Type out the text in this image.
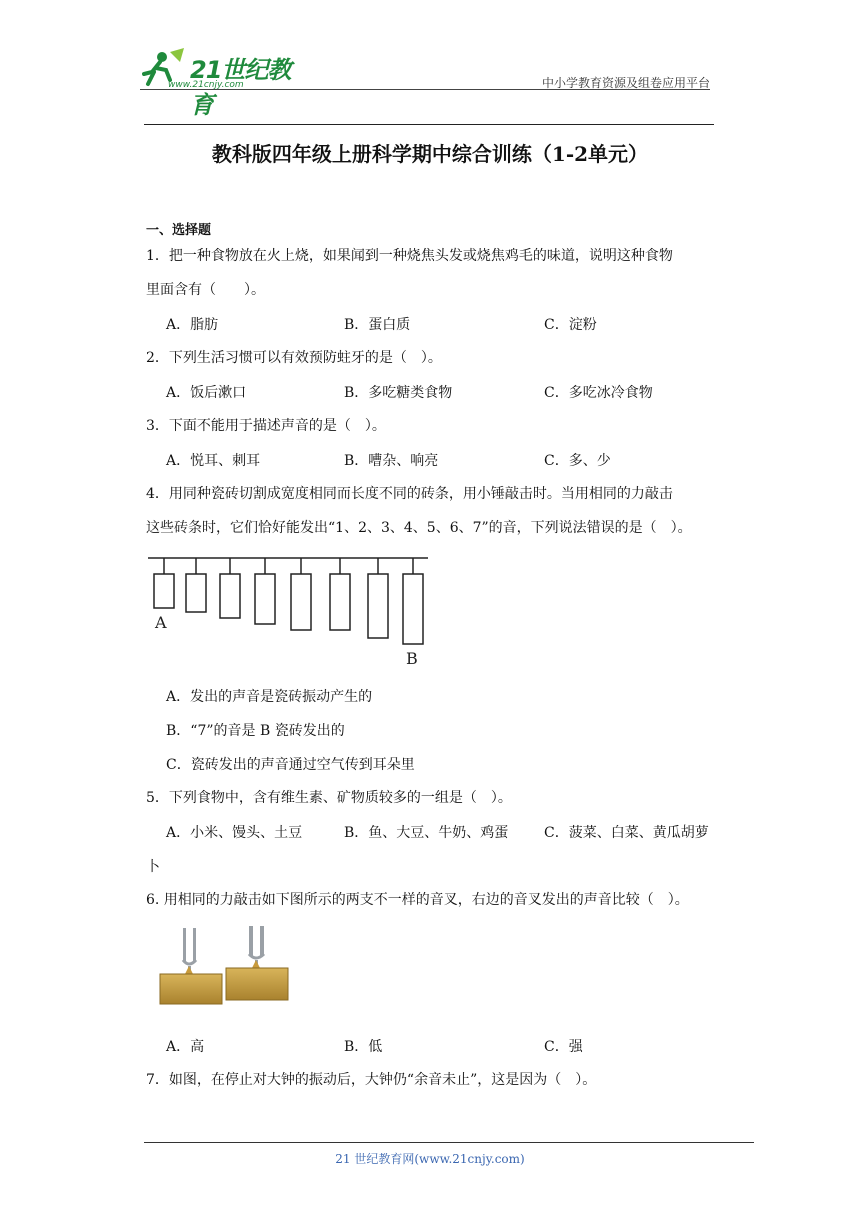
21世纪教育
www.21cnjy.com	中小学教育资源及组卷应用平台
教科版四年级上册科学期中综合训练（1-2单元）
一、选择题
1．把一种食物放在火上烧，如果闻到一种烧焦头发或烧焦鸡毛的味道，说明这种食物
里面含有（　　）。
A．脂肪	B．蛋白质	C．淀粉
2．下列生活习惯可以有效预防蛀牙的是（　）。
A．饭后漱口	B．多吃糖类食物	C．多吃冰冷食物
3．下面不能用于描述声音的是（　）。
A．悦耳、刺耳	B．嘈杂、响亮	C．多、少
4．用同种瓷砖切割成宽度相同而长度不同的砖条，用小锤敲击时。当用相同的力敲击
这些砖条时，它们恰好能发出“1、2、3、4、5、6、7”的音，下列说法错误的是（　）。
A
B
A．发出的声音是瓷砖振动产生的
B．“7”的音是 B 瓷砖发出的
C．瓷砖发出的声音通过空气传到耳朵里
5．下列食物中，含有维生素、矿物质较多的一组是（　）。
A．小米、馒头、土豆	B．鱼、大豆、牛奶、鸡蛋	C．菠菜、白菜、黄瓜胡萝
卜
6. 用相同的力敲击如下图所示的两支不一样的音叉，右边的音叉发出的声音比较（　）。
A．高	B．低	C．强
7．如图，在停止对大钟的振动后，大钟仍“余音未止”，这是因为（　）。
21 世纪教育网(www.21cnjy.com)
